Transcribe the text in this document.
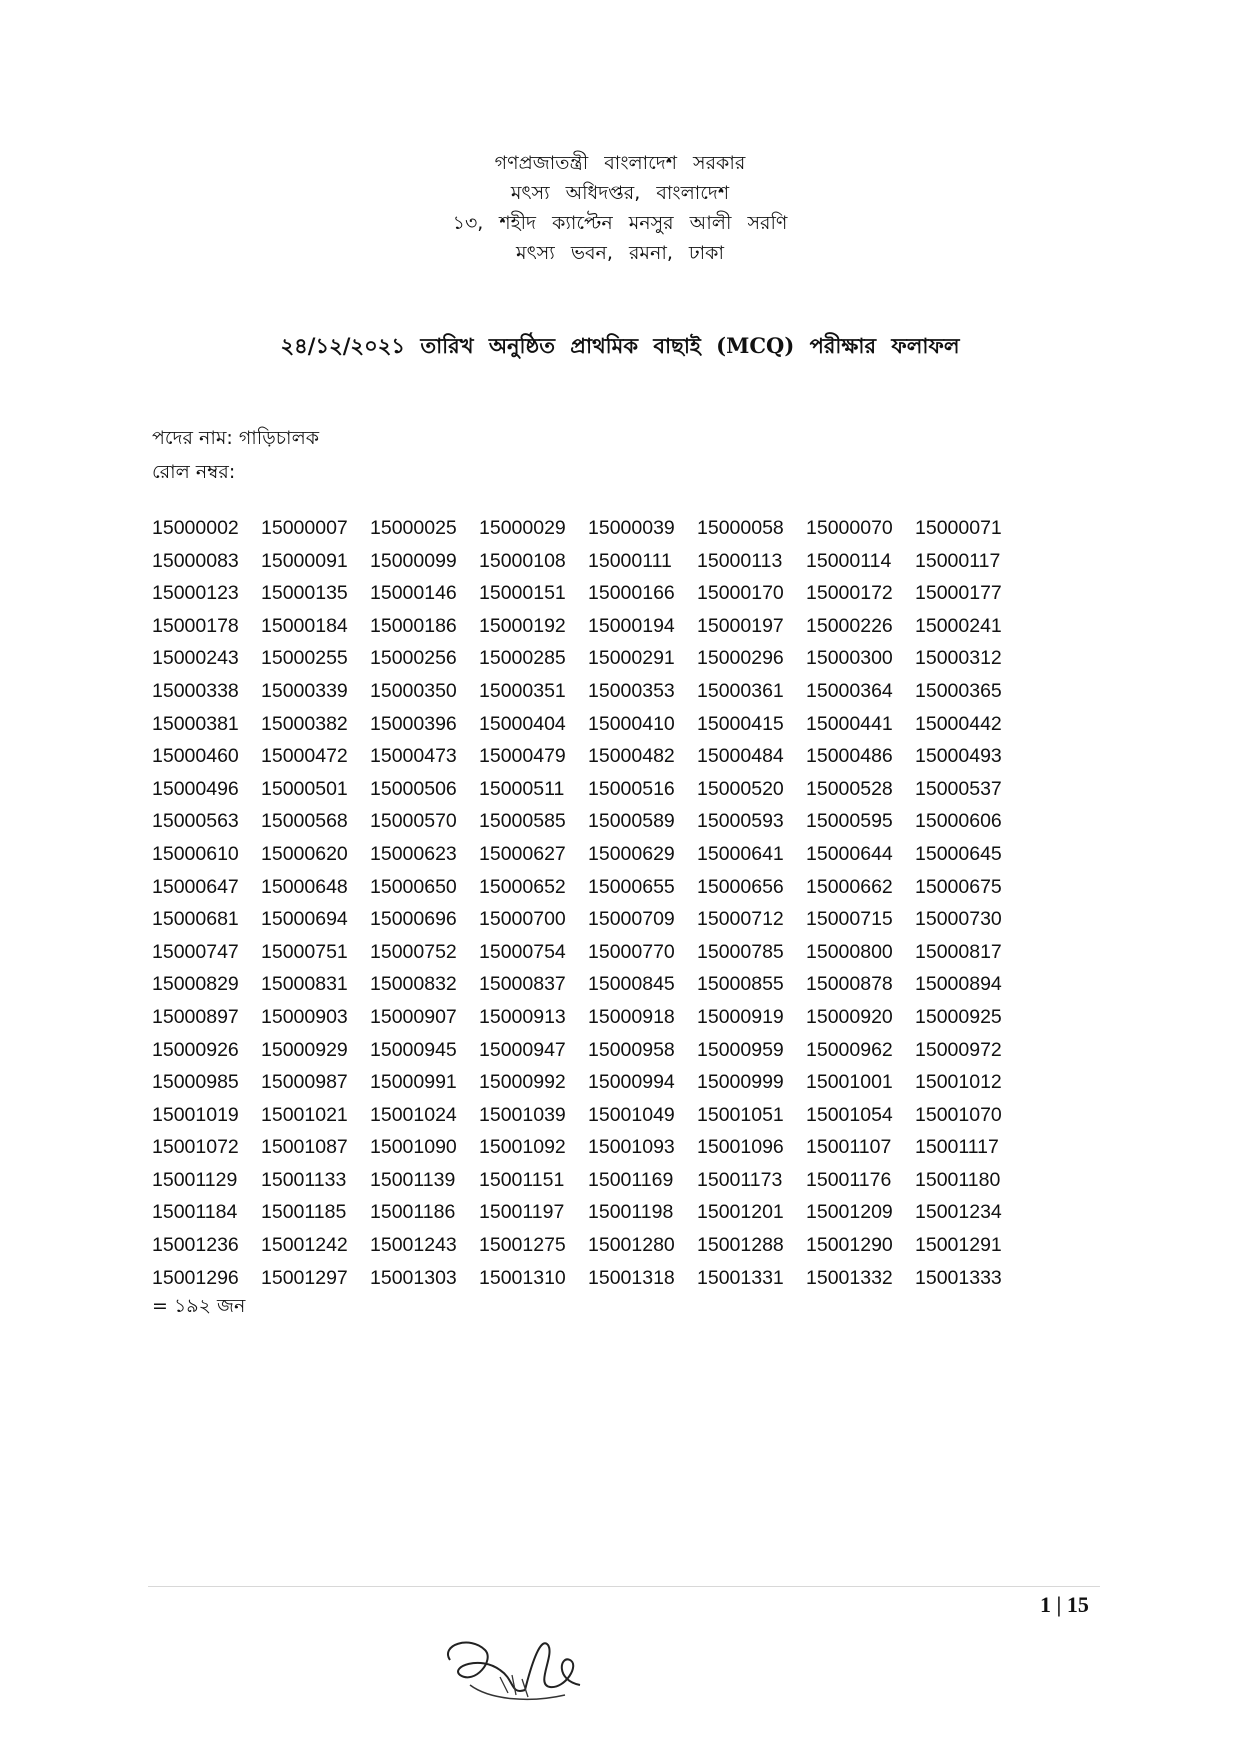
গণপ্রজাতন্ত্রী বাংলাদেশ সরকার
মৎস্য অধিদপ্তর, বাংলাদেশ
১৩, শহীদ ক্যাপ্টেন মনসুর আলী সরণি
মৎস্য ভবন, রমনা, ঢাকা
২৪/১২/২০২১ তারিখ অনুষ্ঠিত প্রাথমিক বাছাই (MCQ) পরীক্ষার ফলাফল
পদের নাম: গাড়িচালক
রোল নম্বর:
15000002	15000007	15000025	15000029	15000039	15000058	15000070	15000071
15000083	15000091	15000099	15000108	15000111	15000113	15000114	15000117
15000123	15000135	15000146	15000151	15000166	15000170	15000172	15000177
15000178	15000184	15000186	15000192	15000194	15000197	15000226	15000241
15000243	15000255	15000256	15000285	15000291	15000296	15000300	15000312
15000338	15000339	15000350	15000351	15000353	15000361	15000364	15000365
15000381	15000382	15000396	15000404	15000410	15000415	15000441	15000442
15000460	15000472	15000473	15000479	15000482	15000484	15000486	15000493
15000496	15000501	15000506	15000511	15000516	15000520	15000528	15000537
15000563	15000568	15000570	15000585	15000589	15000593	15000595	15000606
15000610	15000620	15000623	15000627	15000629	15000641	15000644	15000645
15000647	15000648	15000650	15000652	15000655	15000656	15000662	15000675
15000681	15000694	15000696	15000700	15000709	15000712	15000715	15000730
15000747	15000751	15000752	15000754	15000770	15000785	15000800	15000817
15000829	15000831	15000832	15000837	15000845	15000855	15000878	15000894
15000897	15000903	15000907	15000913	15000918	15000919	15000920	15000925
15000926	15000929	15000945	15000947	15000958	15000959	15000962	15000972
15000985	15000987	15000991	15000992	15000994	15000999	15001001	15001012
15001019	15001021	15001024	15001039	15001049	15001051	15001054	15001070
15001072	15001087	15001090	15001092	15001093	15001096	15001107	15001117
15001129	15001133	15001139	15001151	15001169	15001173	15001176	15001180
15001184	15001185	15001186	15001197	15001198	15001201	15001209	15001234
15001236	15001242	15001243	15001275	15001280	15001288	15001290	15001291
15001296	15001297	15001303	15001310	15001318	15001331	15001332	15001333
= ১৯২ জন
1 | 15
